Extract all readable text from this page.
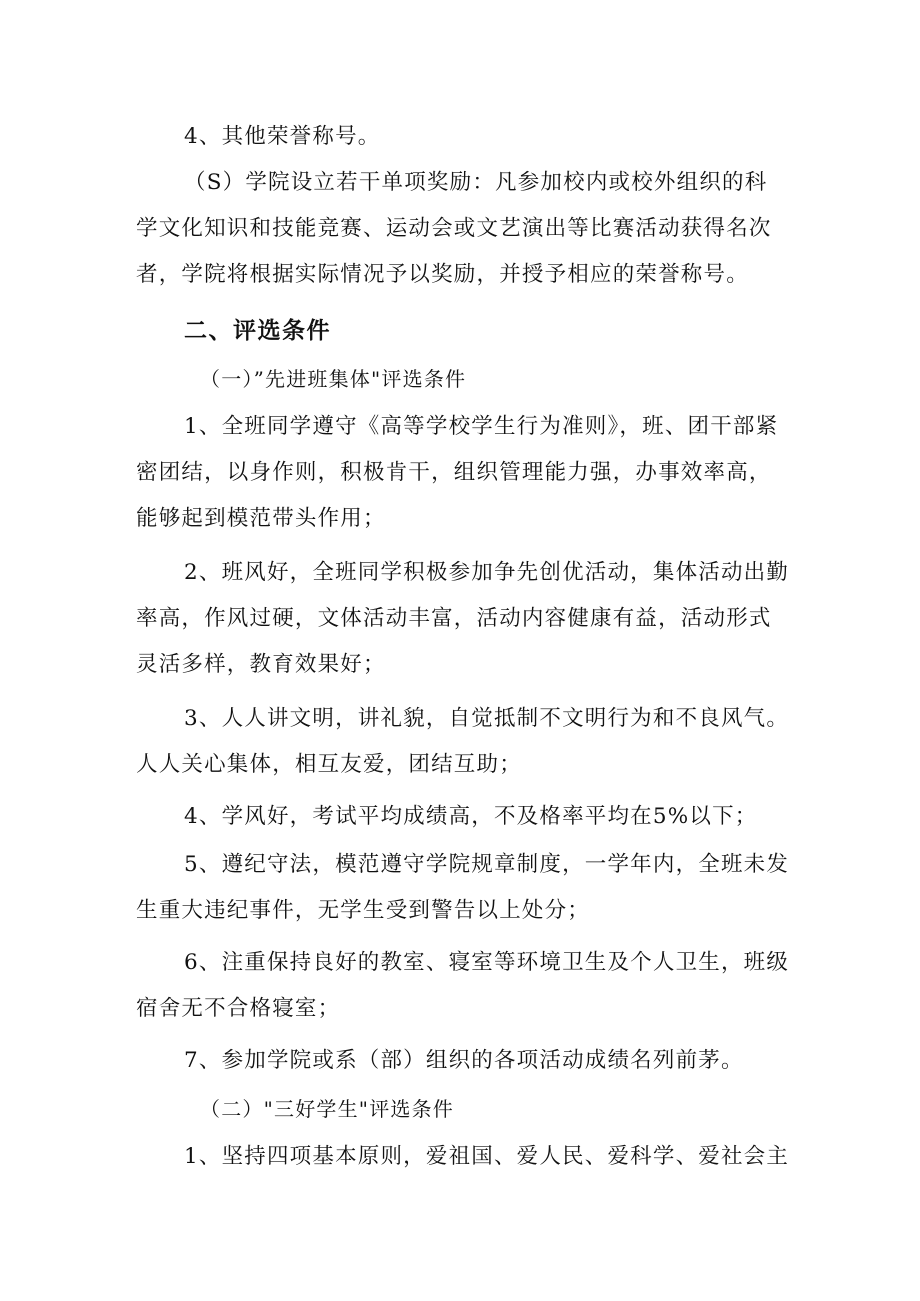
4、其他荣誉称号。

（S）学院设立若干单项奖励：凡参加校内或校外组织的科
学文化知识和技能竞赛、运动会或文艺演出等比赛活动获得名次
者，学院将根据实际情况予以奖励，并授予相应的荣誉称号。

二、评选条件

（一）”先进班集体"评选条件

1、全班同学遵守《高等学校学生行为准则》，班、团干部紧
密团结，以身作则，积极肯干，组织管理能力强，办事效率高，
能够起到模范带头作用；

2、班风好，全班同学积极参加争先创优活动，集体活动出勤
率高，作风过硬，文体活动丰富，活动内容健康有益，活动形式
灵活多样，教育效果好；

3、人人讲文明，讲礼貌，自觉抵制不文明行为和不良风气。
人人关心集体，相互友爱，团结互助；

4、学风好，考试平均成绩高，不及格率平均在5%以下；

5、遵纪守法，模范遵守学院规章制度，一学年内，全班未发
生重大违纪事件，无学生受到警告以上处分；

6、注重保持良好的教室、寝室等环境卫生及个人卫生，班级
宿舍无不合格寝室；

7、参加学院或系（部）组织的各项活动成绩名列前茅。

（二）"三好学生"评选条件

1、坚持四项基本原则，爱祖国、爱人民、爱科学、爱社会主
